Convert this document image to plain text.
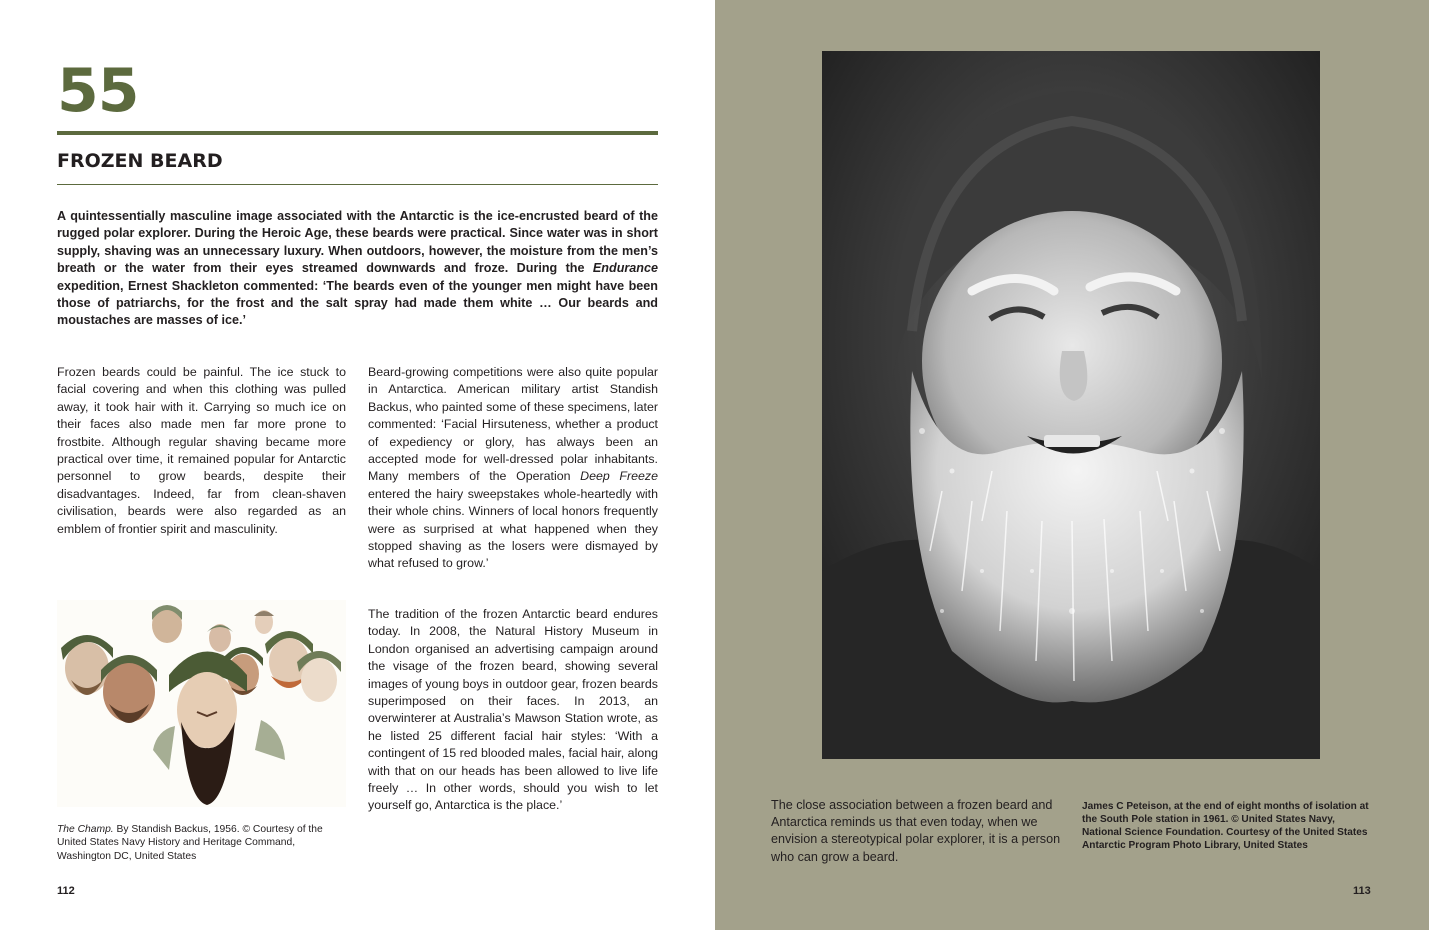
55
FROZEN BEARD

A quintessentially masculine image associated with the Antarctic is the ice-encrusted beard of the rugged polar explorer. During the Heroic Age, these beards were practical. Since water was in short supply, shaving was an unnecessary luxury. When outdoors, however, the moisture from the men’s breath or the water from their eyes streamed downwards and froze. During the Endurance expedition, Ernest Shackleton commented: ‘The beards even of the younger men might have been those of patriarchs, for the frost and the salt spray had made them white … Our beards and moustaches are masses of ice.’

Frozen beards could be painful. The ice stuck to facial covering and when this clothing was pulled away, it took hair with it. Carrying so much ice on their faces also made men far more prone to frostbite. Although regular shaving became more practical over time, it remained popular for Antarctic personnel to grow beards, despite their disadvantages. Indeed, far from clean-shaven civilisation, beards were also regarded as an emblem of frontier spirit and masculinity.

Beard-growing competitions were also quite popular in Antarctica. American military artist Standish Backus, who painted some of these specimens, later commented: ‘Facial Hirsuteness, whether a product of expediency or glory, has always been an accepted mode for well-dressed polar inhabitants. Many members of the Operation Deep Freeze entered the hairy sweepstakes whole-heartedly with their whole chins. Winners of local honors frequently were as surprised at what happened when they stopped shaving as the losers were dismayed by what refused to grow.’

The tradition of the frozen Antarctic beard endures today. In 2008, the Natural History Museum in London organised an advertising campaign around the visage of the frozen beard, showing several images of young boys in outdoor gear, frozen beards superimposed on their faces. In 2013, an overwinterer at Australia’s Mawson Station wrote, as he listed 25 different facial hair styles: ‘With a contingent of 15 red blooded males, facial hair, along with that on our heads has been allowed to live life freely … In other words, should you wish to let yourself go, Antarctica is the place.’

The Champ. By Standish Backus, 1956. © Courtesy of the United States Navy History and Heritage Command, Washington DC, United States

112

The close association between a frozen beard and Antarctica reminds us that even today, when we envision a stereotypical polar explorer, it is a person who can grow a beard.

James C Peteison, at the end of eight months of isolation at the South Pole station in 1961. © United States Navy, National Science Foundation. Courtesy of the United States Antarctic Program Photo Library, United States

113
